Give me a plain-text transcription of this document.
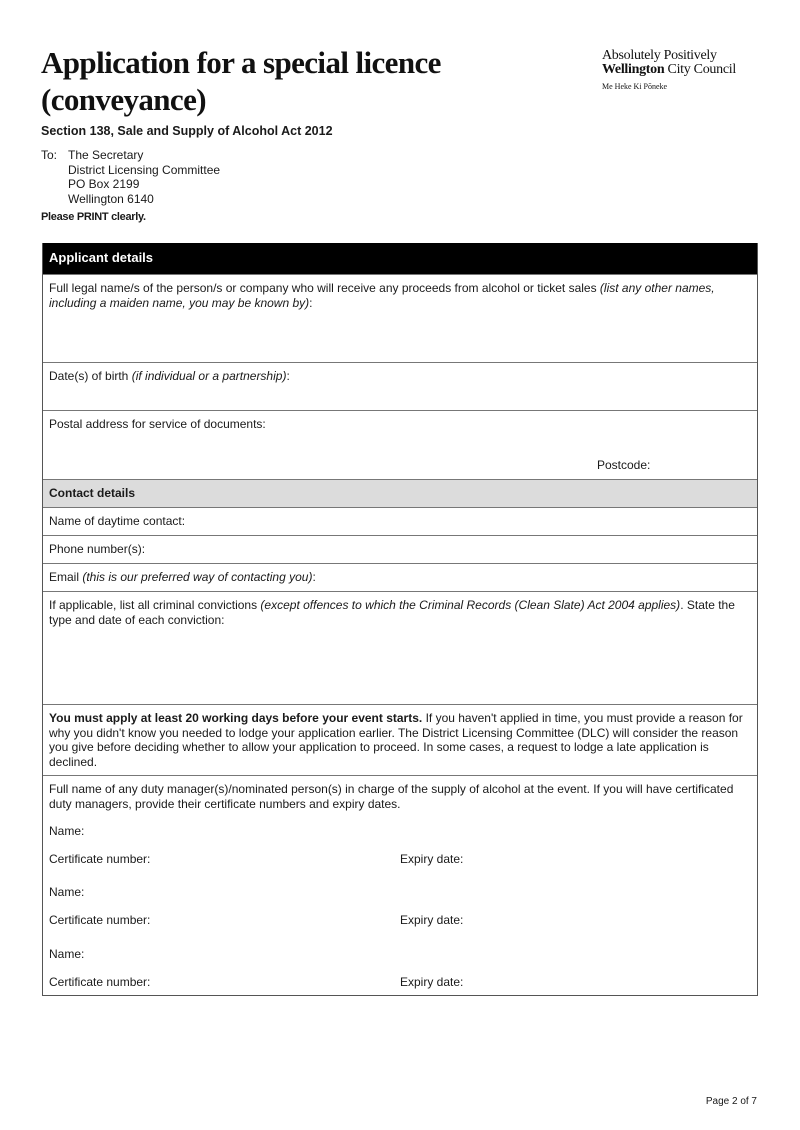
Application for a special licence
(conveyance)
Absolutely Positively
Wellington City Council
Me Heke Ki Pōneke
Section 138, Sale and Supply of Alcohol Act 2012
To: The Secretary
District Licensing Committee
PO Box 2199
Wellington 6140
Please PRINT clearly.
Applicant details
Full legal name/s of the person/s or company who will receive any proceeds from alcohol or ticket sales (list any other names, including a maiden name, you may be known by):
Date(s) of birth (if individual or a partnership):
Postal address for service of documents:
Postcode:
Contact details
Name of daytime contact:
Phone number(s):
Email (this is our preferred way of contacting you):
If applicable, list all criminal convictions (except offences to which the Criminal Records (Clean Slate) Act 2004 applies). State the type and date of each conviction:
You must apply at least 20 working days before your event starts. If you haven't applied in time, you must provide a reason for why you didn't know you needed to lodge your application earlier. The District Licensing Committee (DLC) will consider the reason you give before deciding whether to allow your application to proceed. In some cases, a request to lodge a late application is declined.
Full name of any duty manager(s)/nominated person(s) in charge of the supply of alcohol at the event. If you will have certificated duty managers, provide their certificate numbers and expiry dates.
Name:
Certificate number:	Expiry date:
Name:
Certificate number:	Expiry date:
Name:
Certificate number:	Expiry date:
Page 2 of 7
